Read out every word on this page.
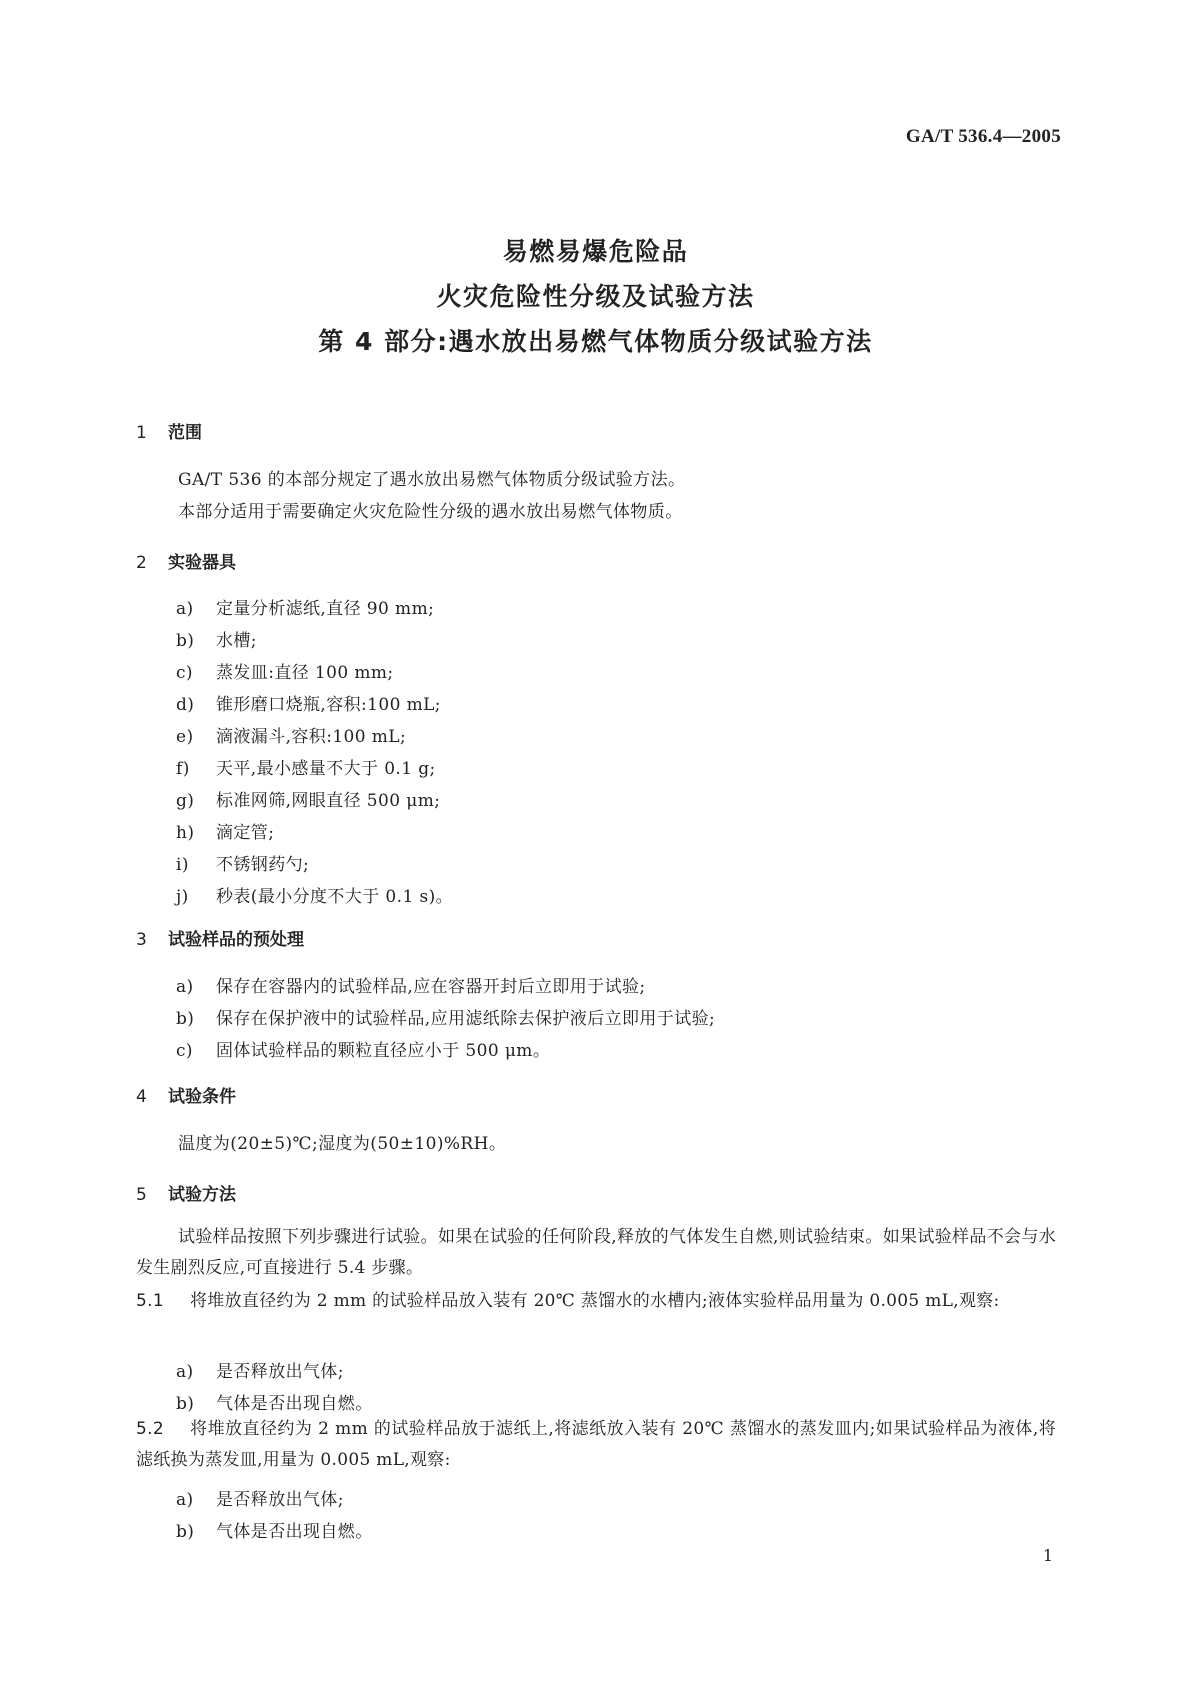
GA/T 536.4—2005
易燃易爆危险品
火灾危险性分级及试验方法
第 4 部分:遇水放出易燃气体物质分级试验方法
1 范围
GA/T 536 的本部分规定了遇水放出易燃气体物质分级试验方法。
本部分适用于需要确定火灾危险性分级的遇水放出易燃气体物质。
2 实验器具
a) 定量分析滤纸,直径 90 mm;
b) 水槽;
c) 蒸发皿:直径 100 mm;
d) 锥形磨口烧瓶,容积:100 mL;
e) 滴液漏斗,容积:100 mL;
f) 天平,最小感量不大于 0.1 g;
g) 标准网筛,网眼直径 500 μm;
h) 滴定管;
i) 不锈钢药勺;
j) 秒表(最小分度不大于 0.1 s)。
3 试验样品的预处理
a) 保存在容器内的试验样品,应在容器开封后立即用于试验;
b) 保存在保护液中的试验样品,应用滤纸除去保护液后立即用于试验;
c) 固体试验样品的颗粒直径应小于 500 μm。
4 试验条件
温度为(20±5)℃;湿度为(50±10)%RH。
5 试验方法
试验样品按照下列步骤进行试验。如果在试验的任何阶段,释放的气体发生自燃,则试验结束。如果试验样品不会与水发生剧烈反应,可直接进行 5.4 步骤。
5.1 将堆放直径约为 2 mm 的试验样品放入装有 20℃ 蒸馏水的水槽内;液体实验样品用量为 0.005 mL,观察:
a) 是否释放出气体;
b) 气体是否出现自燃。
5.2 将堆放直径约为 2 mm 的试验样品放于滤纸上,将滤纸放入装有 20℃ 蒸馏水的蒸发皿内;如果试验样品为液体,将滤纸换为蒸发皿,用量为 0.005 mL,观察:
a) 是否释放出气体;
b) 气体是否出现自燃。
1
